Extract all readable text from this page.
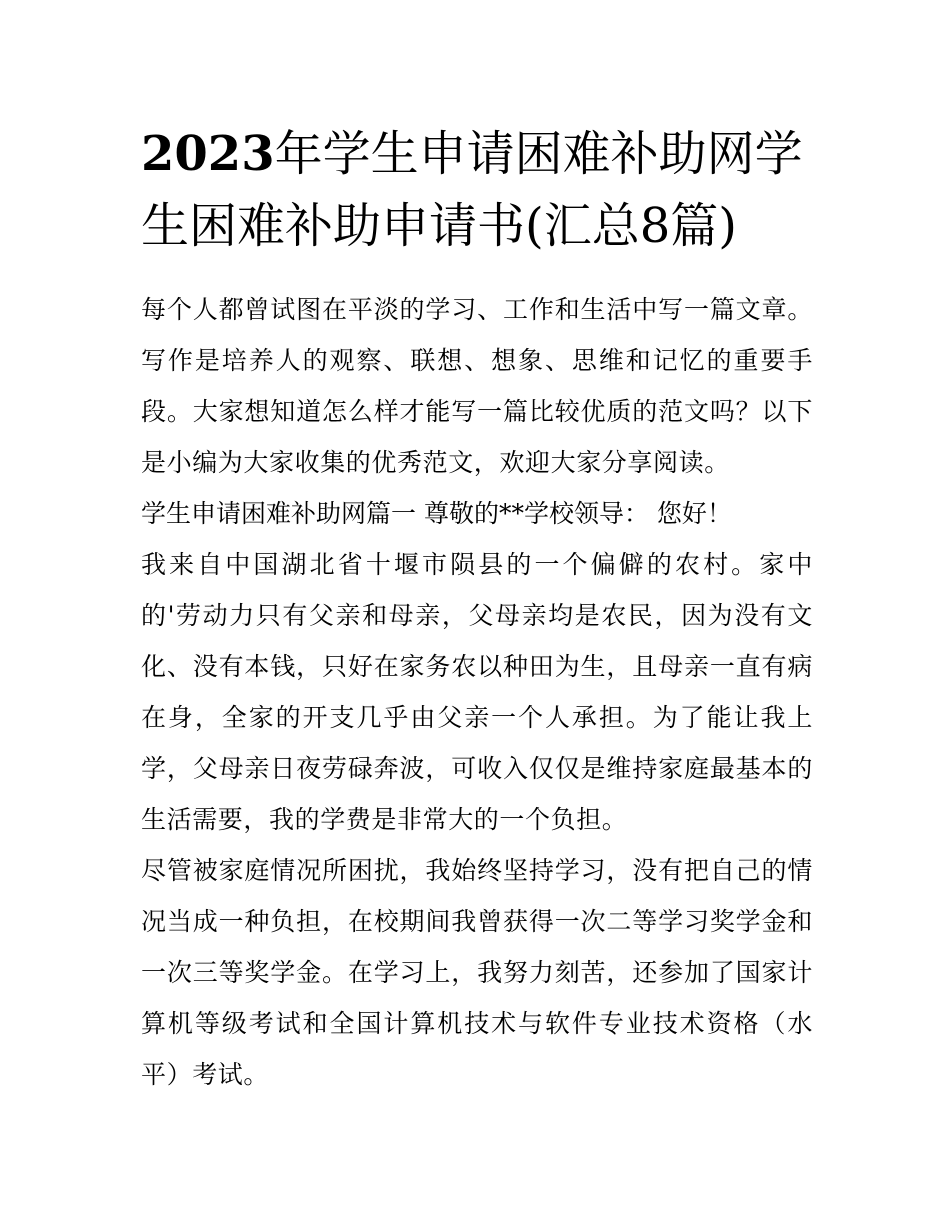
2023年学生申请困难补助网学生困难补助申请书(汇总8篇)

每个人都曾试图在平淡的学习、工作和生活中写一篇文章。写作是培养人的观察、联想、想象、思维和记忆的重要手段。大家想知道怎么样才能写一篇比较优质的范文吗？以下是小编为大家收集的优秀范文，欢迎大家分享阅读。

学生申请困难补助网篇一 尊敬的**学校领导： 您好！

我来自中国湖北省十堰市陨县的一个偏僻的农村。家中的'劳动力只有父亲和母亲，父母亲均是农民，因为没有文化、没有本钱，只好在家务农以种田为生，且母亲一直有病在身，全家的开支几乎由父亲一个人承担。为了能让我上学，父母亲日夜劳碌奔波，可收入仅仅是维持家庭最基本的生活需要，我的学费是非常大的一个负担。

尽管被家庭情况所困扰，我始终坚持学习，没有把自己的情况当成一种负担，在校期间我曾获得一次二等学习奖学金和一次三等奖学金。在学习上，我努力刻苦，还参加了国家计算机等级考试和全国计算机技术与软件专业技术资格（水平）考试。
